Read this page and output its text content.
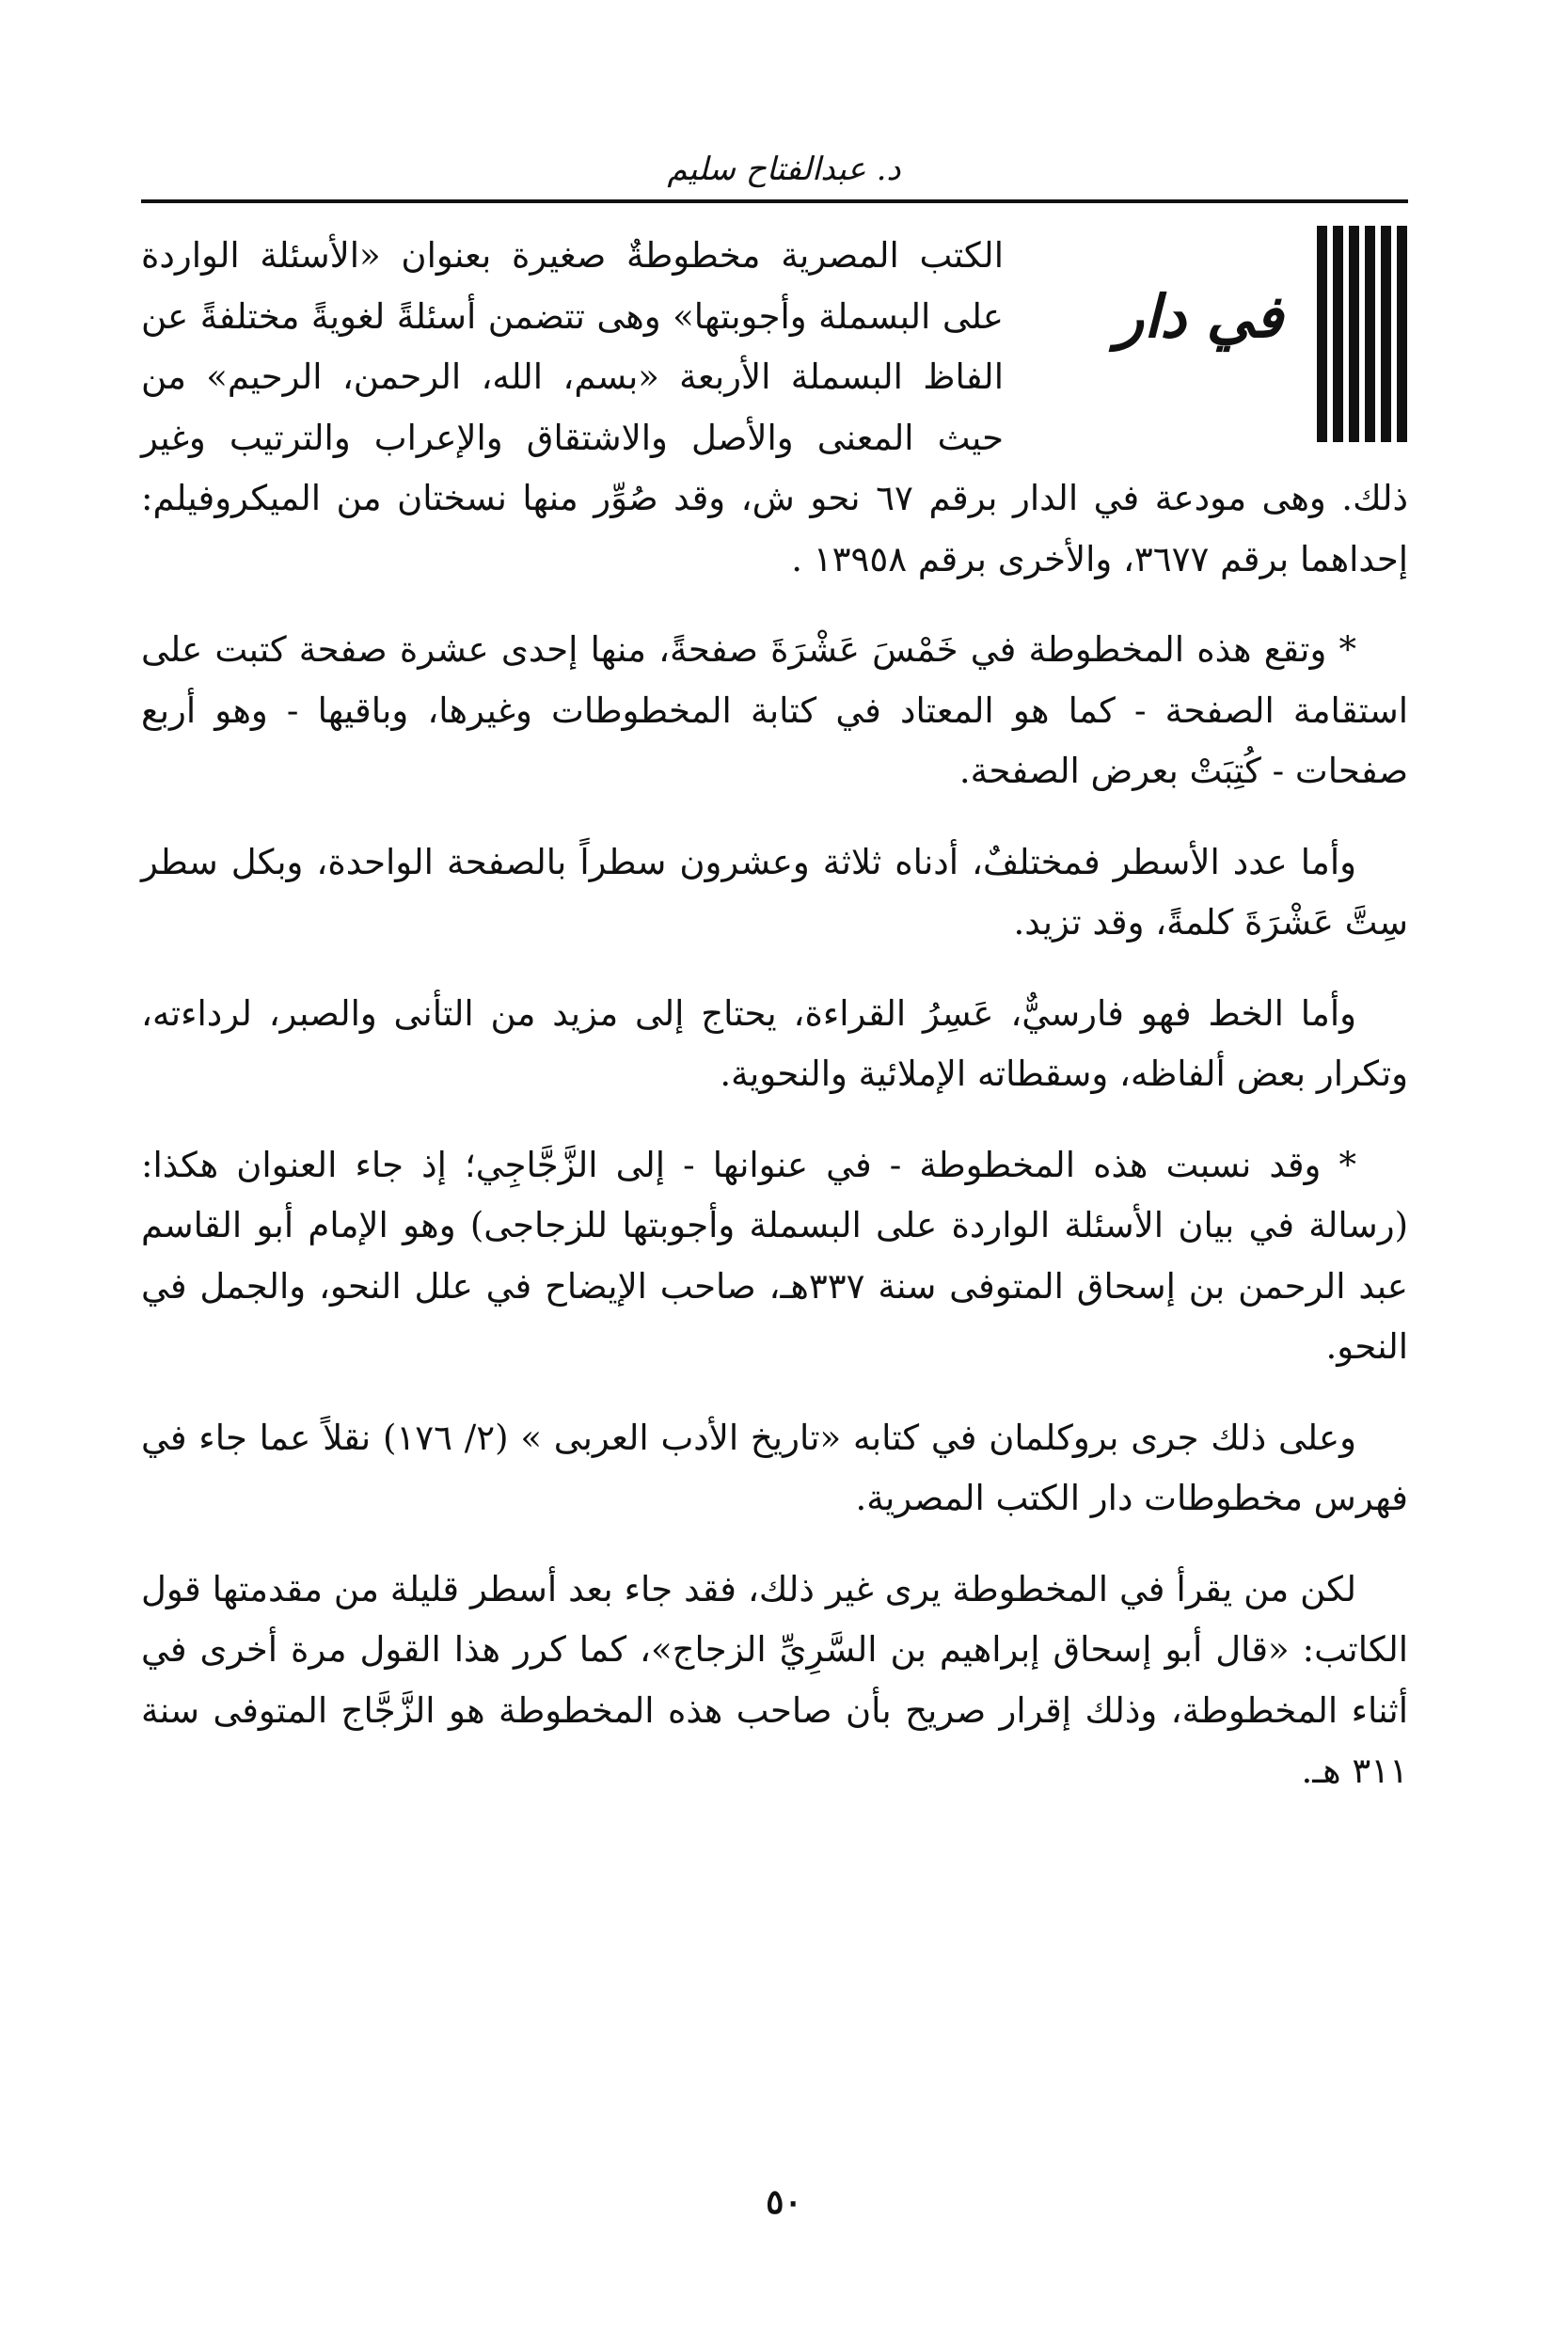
د. عبدالفتاح سليم
في دار

الكتب المصرية مخطوطةٌ صغيرة بعنوان «الأسئلة الواردة على البسملة وأجوبتها» وهى تتضمن أسئلةً لغويةً مختلفةً عن الفاظ البسملة الأربعة «بسم، الله، الرحمن، الرحيم» من حيث المعنى والأصل والاشتقاق والإعراب والترتيب وغير ذلك. وهى مودعة في الدار برقم ٦٧ نحو ش، وقد صُوِّر منها نسختان من الميكروفيلم: إحداهما برقم ٣٦٧٧، والأخرى برقم ١٣٩٥٨ .

* وتقع هذه المخطوطة في خَمْسَ عَشْرَةَ صفحةً، منها إحدى عشرة صفحة كتبت على استقامة الصفحة - كما هو المعتاد في كتابة المخطوطات وغيرها، وباقيها - وهو أربع صفحات - كُتِبَتْ بعرض الصفحة.

وأما عدد الأسطر فمختلفٌ، أدناه ثلاثة وعشرون سطراً بالصفحة الواحدة، وبكل سطر سِتَّ عَشْرَةَ كلمةً، وقد تزيد.

وأما الخط فهو فارسيٌّ، عَسِرُ القراءة، يحتاج إلى مزيد من التأنى والصبر، لرداءته، وتكرار بعض ألفاظه، وسقطاته الإملائية والنحوية.

* وقد نسبت هذه المخطوطة - في عنوانها - إلى الزَّجَّاجِي؛ إذ جاء العنوان هكذا: (رسالة في بيان الأسئلة الواردة على البسملة وأجوبتها للزجاجى) وهو الإمام أبو القاسم عبد الرحمن بن إسحاق المتوفى سنة ٣٣٧هـ، صاحب الإيضاح في علل النحو، والجمل في النحو.

وعلى ذلك جرى بروكلمان في كتابه «تاريخ الأدب العربى » (٢/ ١٧٦) نقلاً عما جاء في فهرس مخطوطات دار الكتب المصرية.

لكن من يقرأ في المخطوطة يرى غير ذلك، فقد جاء بعد أسطر قليلة من مقدمتها قول الكاتب: «قال أبو إسحاق إبراهيم بن السَّرِيِّ الزجاج»، كما كرر هذا القول مرة أخرى في أثناء المخطوطة، وذلك إقرار صريح بأن صاحب هذه المخطوطة هو الزَّجَّاج المتوفى سنة ٣١١ هـ.

٥٠
